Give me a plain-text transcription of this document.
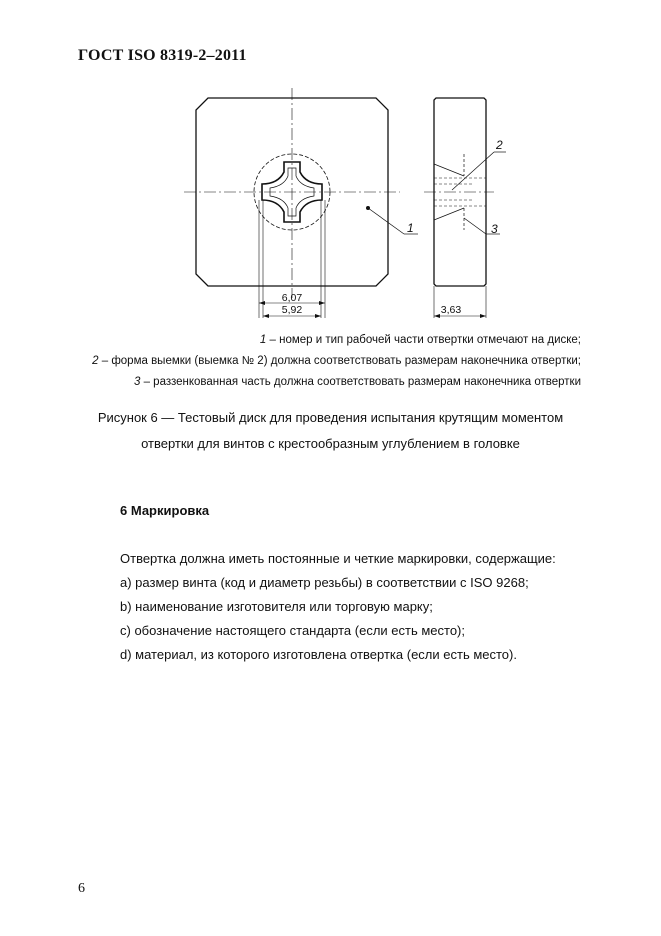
ГОСТ ISO 8319-2–2011
6,07
5,92	3,63
1
2
3
1 – номер и тип рабочей части отвертки отмечают на диске;
2 – форма выемки (выемка № 2) должна соответствовать размерам наконечника отвертки;
3 – раззенкованная часть должна соответствовать размерам наконечника отвертки
Рисунок 6 — Тестовый диск для проведения испытания крутящим моментом
отвертки для винтов с крестообразным углублением в головке
6 Маркировка
Отвертка должна иметь постоянные и четкие маркировки, содержащие:
a) размер винта (код и диаметр резьбы) в соответствии с ISO 9268;
b) наименование изготовителя или торговую марку;
c) обозначение настоящего стандарта (если есть место);
d) материал, из которого изготовлена отвертка (если есть место).
6
